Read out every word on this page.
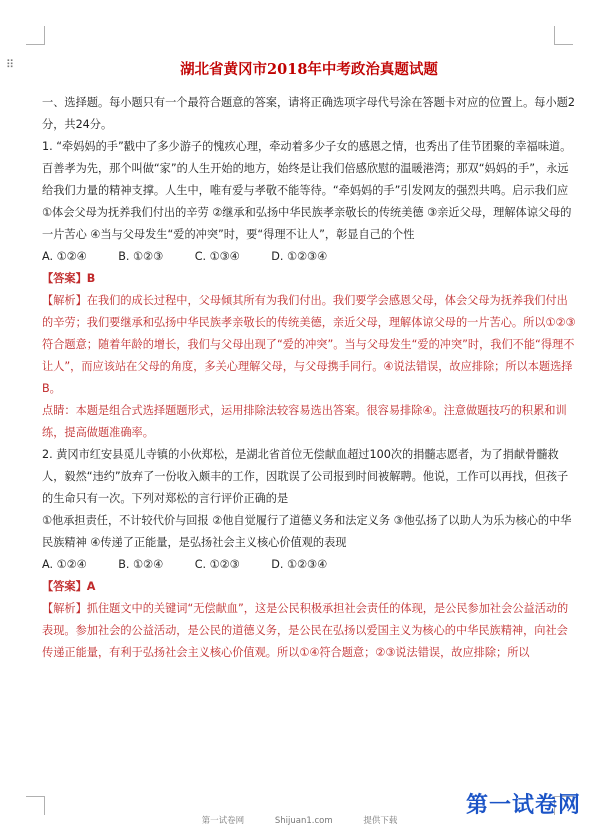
⠿	湖北省黄冈市2018年中考政治真题试题

一、选择题。每小题只有一个最符合题意的答案，请将正确选项字母代号涂在答题卡对应的位置上。每小题2分，共24分。

1. “牵妈妈的手”戳中了多少游子的愧疚心理，牵动着多少子女的感恩之情，也秀出了佳节团聚的幸福味道。百善孝为先，那个叫做“家”的人生开始的地方，始终是让我们倍感欣慰的温暖港湾；那双“妈妈的手”，永远给我们力量的精神支撑。人生中，唯有爱与孝敬不能等待。“牵妈妈的手”引发网友的强烈共鸣。启示我们应

①体会父母为抚养我们付出的辛劳 ②继承和弘扬中华民族孝亲敬长的传统美德 ③亲近父母，理解体谅父母的一片苦心 ④当与父母发生“爱的冲突”时，要“得理不让人”，彰显自己的个性

A. ①②④	B. ①②③	C. ①③④	D. ①②③④

【答案】B

【解析】在我们的成长过程中，父母倾其所有为我们付出。我们要学会感恩父母，体会父母为抚养我们付出的辛劳；我们要继承和弘扬中华民族孝亲敬长的传统美德，亲近父母，理解体谅父母的一片苦心。所以①②③符合题意；随着年龄的增长，我们与父母出现了“爱的冲突”。当与父母发生“爱的冲突”时，我们不能“得理不让人”，而应该站在父母的角度，多关心理解父母，与父母携手同行。④说法错误，故应排除；所以本题选择B。

点睛：本题是组合式选择题题形式，运用排除法较容易选出答案。很容易排除④。注意做题技巧的积累和训练，提高做题准确率。

2. 黄冈市红安县觅儿寺镇的小伙郑松，是湖北省首位无偿献血超过100次的捐髓志愿者，为了捐献骨髓救人，毅然“违约”放弃了一份收入颇丰的工作，因耽误了公司报到时间被解聘。他说，工作可以再找，但孩子的生命只有一次。下列对郑松的言行评价正确的是

①他承担责任，不计较代价与回报 ②他自觉履行了道德义务和法定义务 ③他弘扬了以助人为乐为核心的中华民族精神 ④传递了正能量，是弘扬社会主义核心价值观的表现

A. ①②④	B. ①②④	C. ①②③	D. ①②③④

【答案】A

【解析】抓住题文中的关键词“无偿献血”，这是公民积极承担社会责任的体现，是公民参加社会公益活动的表现。参加社会的公益活动，是公民的道德义务，是公民在弘扬以爱国主义为核心的中华民族精神，向社会传递正能量，有利于弘扬社会主义核心价值观。所以①④符合题意；②③说法错误，故应排除；所以

第一试卷网	Shijuan1.com	提供下载
第一试卷网
